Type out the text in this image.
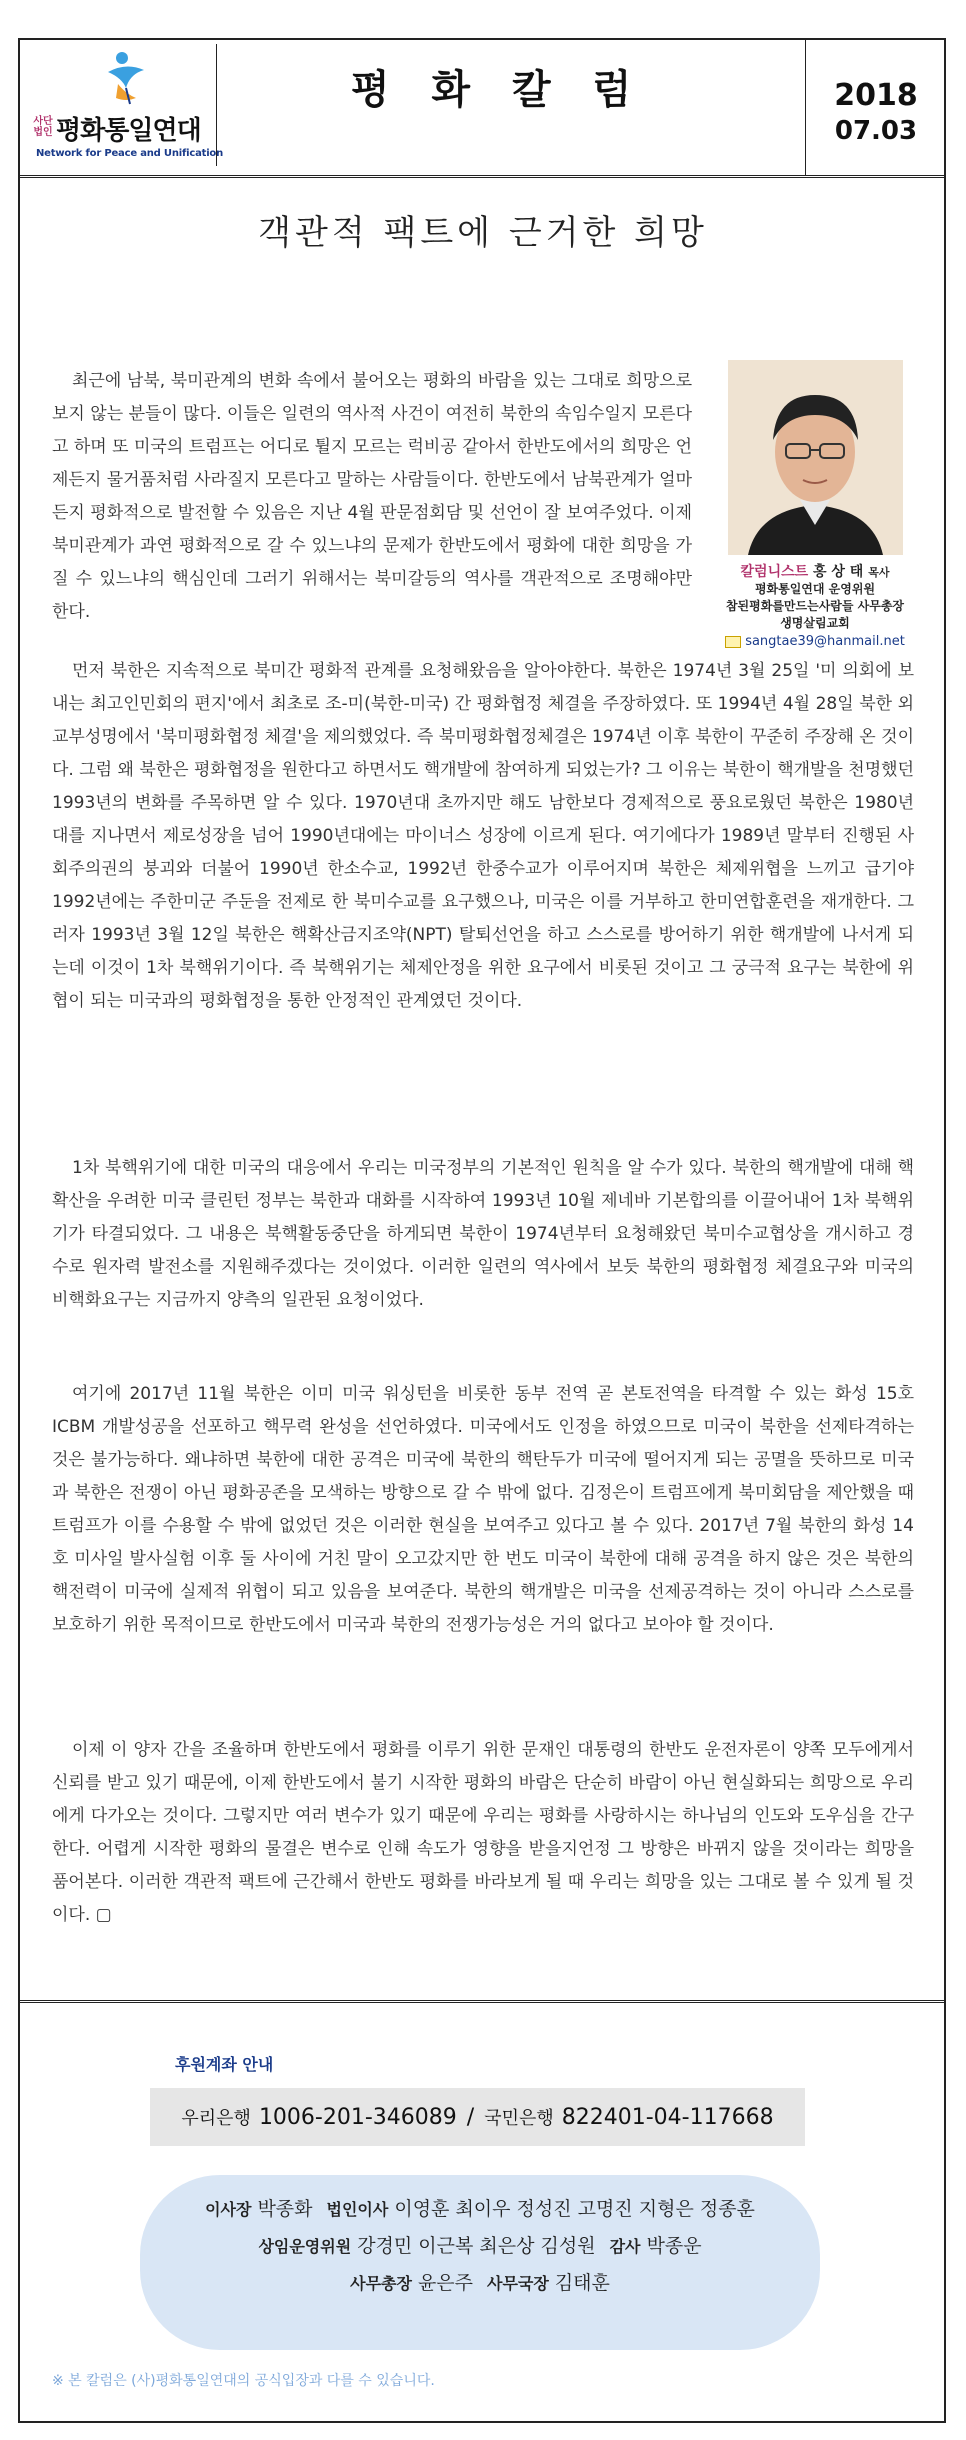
사단법인 평화통일연대
Network for Peace and Unification
평 화 칼 럼	2018
07.03
객관적 팩트에 근거한 희망

최근에 남북, 북미관계의 변화 속에서 불어오는 평화의 바람을 있는 그대로 희망으로 보지 않는 분들이 많다. 이들은 일련의 역사적 사건이 여전히 북한의 속임수일지 모른다고 하며 또 미국의 트럼프는 어디로 튈지 모르는 럭비공 같아서 한반도에서의 희망은 언제든지 물거품처럼 사라질지 모른다고 말하는 사람들이다. 한반도에서 남북관계가 얼마든지 평화적으로 발전할 수 있음은 지난 4월 판문점회담 및 선언이 잘 보여주었다. 이제 북미관계가 과연 평화적으로 갈 수 있느냐의 문제가 한반도에서 평화에 대한 희망을 가질 수 있느냐의 핵심인데 그러기 위해서는 북미갈등의 역사를 객관적으로 조명해야만 한다.

칼럼니스트 홍 상 태 목사
평화통일연대 운영위원
참된평화를만드는사람들 사무총장
생명살림교회
sangtae39@hanmail.net

먼저 북한은 지속적으로 북미간 평화적 관계를 요청해왔음을 알아야한다. 북한은 1974년 3월 25일 '미 의회에 보내는 최고인민회의 편지'에서 최초로 조-미(북한-미국) 간 평화협정 체결을 주장하였다. 또 1994년 4월 28일 북한 외교부성명에서 '북미평화협정 체결'을 제의했었다. 즉 북미평화협정체결은 1974년 이후 북한이 꾸준히 주장해 온 것이다. 그럼 왜 북한은 평화협정을 원한다고 하면서도 핵개발에 참여하게 되었는가? 그 이유는 북한이 핵개발을 천명했던 1993년의 변화를 주목하면 알 수 있다. 1970년대 초까지만 해도 남한보다 경제적으로 풍요로웠던 북한은 1980년대를 지나면서 제로성장을 넘어 1990년대에는 마이너스 성장에 이르게 된다. 여기에다가 1989년 말부터 진행된 사회주의권의 붕괴와 더불어 1990년 한소수교, 1992년 한중수교가 이루어지며 북한은 체제위협을 느끼고 급기야 1992년에는 주한미군 주둔을 전제로 한 북미수교를 요구했으나, 미국은 이를 거부하고 한미연합훈련을 재개한다. 그러자 1993년 3월 12일 북한은 핵확산금지조약(NPT) 탈퇴선언을 하고 스스로를 방어하기 위한 핵개발에 나서게 되는데 이것이 1차 북핵위기이다. 즉 북핵위기는 체제안정을 위한 요구에서 비롯된 것이고 그 궁극적 요구는 북한에 위협이 되는 미국과의 평화협정을 통한 안정적인 관계였던 것이다.

1차 북핵위기에 대한 미국의 대응에서 우리는 미국정부의 기본적인 원칙을 알 수가 있다. 북한의 핵개발에 대해 핵확산을 우려한 미국 클린턴 정부는 북한과 대화를 시작하여 1993년 10월 제네바 기본합의를 이끌어내어 1차 북핵위기가 타결되었다. 그 내용은 북핵활동중단을 하게되면 북한이 1974년부터 요청해왔던 북미수교협상을 개시하고 경수로 원자력 발전소를 지원해주겠다는 것이었다. 이러한 일련의 역사에서 보듯 북한의 평화협정 체결요구와 미국의 비핵화요구는 지금까지 양측의 일관된 요청이었다.

여기에 2017년 11월 북한은 이미 미국 워싱턴을 비롯한 동부 전역 곧 본토전역을 타격할 수 있는 화성 15호 ICBM 개발성공을 선포하고 핵무력 완성을 선언하였다. 미국에서도 인정을 하였으므로 미국이 북한을 선제타격하는 것은 불가능하다. 왜냐하면 북한에 대한 공격은 미국에 북한의 핵탄두가 미국에 떨어지게 되는 공멸을 뜻하므로 미국과 북한은 전쟁이 아닌 평화공존을 모색하는 방향으로 갈 수 밖에 없다. 김정은이 트럼프에게 북미회담을 제안했을 때 트럼프가 이를 수용할 수 밖에 없었던 것은 이러한 현실을 보여주고 있다고 볼 수 있다. 2017년 7월 북한의 화성 14호 미사일 발사실험 이후 둘 사이에 거친 말이 오고갔지만 한 번도 미국이 북한에 대해 공격을 하지 않은 것은 북한의 핵전력이 미국에 실제적 위협이 되고 있음을 보여준다. 북한의 핵개발은 미국을 선제공격하는 것이 아니라 스스로를 보호하기 위한 목적이므로 한반도에서 미국과 북한의 전쟁가능성은 거의 없다고 보아야 할 것이다.

이제 이 양자 간을 조율하며 한반도에서 평화를 이루기 위한 문재인 대통령의 한반도 운전자론이 양쪽 모두에게서 신뢰를 받고 있기 때문에, 이제 한반도에서 불기 시작한 평화의 바람은 단순히 바람이 아닌 현실화되는 희망으로 우리에게 다가오는 것이다. 그렇지만 여러 변수가 있기 때문에 우리는 평화를 사랑하시는 하나님의 인도와 도우심을 간구한다. 어렵게 시작한 평화의 물결은 변수로 인해 속도가 영향을 받을지언정 그 방향은 바뀌지 않을 것이라는 희망을 품어본다. 이러한 객관적 팩트에 근간해서 한반도 평화를 바라보게 될 때 우리는 희망을 있는 그대로 볼 수 있게 될 것이다. ▢

후원계좌 안내
우리은행 1006-201-346089 / 국민은행 822401-04-117668
이사장 박종화 법인이사 이영훈 최이우 정성진 고명진 지형은 정종훈
상임운영위원 강경민 이근복 최은상 김성원 감사 박종운
사무총장 윤은주 사무국장 김태훈
※ 본 칼럼은 (사)평화통일연대의 공식입장과 다를 수 있습니다.
